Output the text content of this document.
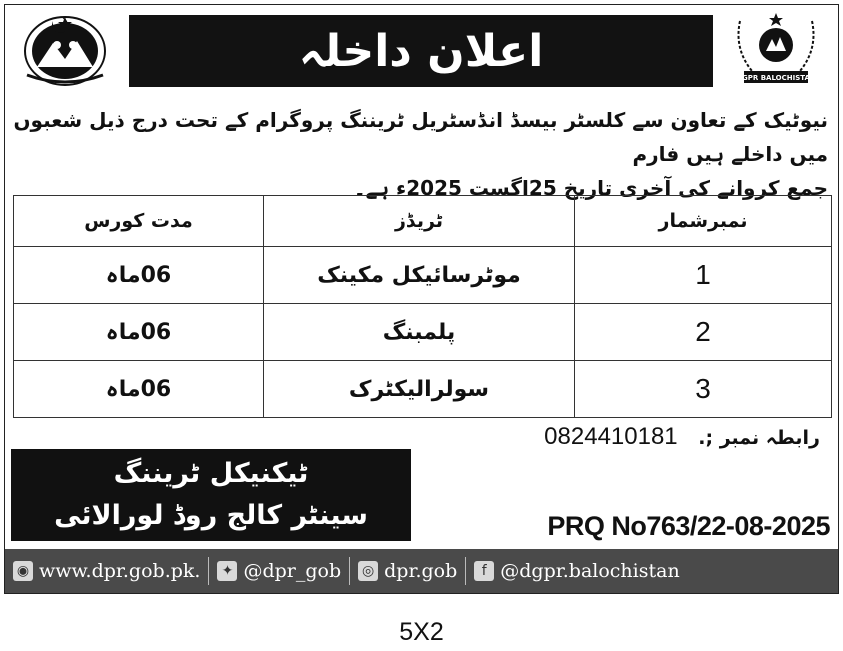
DGPR BALOCHISTAN
اعلان داخلہ

نیوٹیک کے تعاون سے کلسٹر بیسڈ انڈسٹریل ٹریننگ پروگرام کے تحت درج ذیل شعبوں میں داخلے ہیں فارم

جمع کروانے کی آخری تاریخ 25اگست 2025ء ہے۔

نمبرشمار	ٹریڈز	مدت کورس
1	موٹرسائیکل مکینک	06ماہ
2	پلمبنگ	06ماہ
3	سولرالیکٹرک	06ماہ
رابطہ نمبر ;. 0824410181
ٹیکنیکل ٹریننگ
سینٹر کالج روڈ لورالائی	PRQ No763/22-08-2025
◉ www.dpr.gob.pk. ✦ @dpr_gob ◎ dpr.gob	f @dgpr.balochistan
5X2
